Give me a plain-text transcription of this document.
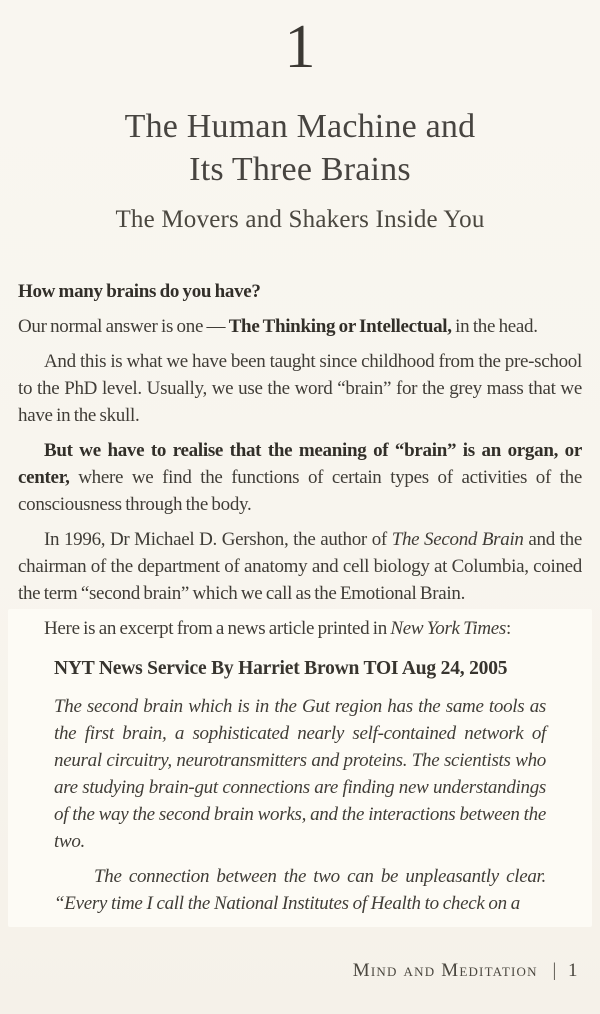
1
The Human Machine and
Its Three Brains
The Movers and Shakers Inside You

How many brains do you have?

Our normal answer is one — The Thinking or Intellectual, in the head.

And this is what we have been taught since childhood from the pre-school to the PhD level. Usually, we use the word “brain” for the grey mass that we have in the skull.

But we have to realise that the meaning of “brain” is an organ, or center, where we find the functions of certain types of activities of the consciousness through the body.

In 1996, Dr Michael D. Gershon, the author of The Second Brain and the chairman of the department of anatomy and cell biology at Columbia, coined the term “second brain” which we call as the Emotional Brain.

Here is an excerpt from a news article printed in New York Times:

NYT News Service By Harriet Brown TOI Aug 24, 2005

The second brain which is in the Gut region has the same tools as the first brain, a sophisticated nearly self-contained network of neural circuitry, neurotransmitters and proteins. The scientists who are studying brain-gut connections are finding new understandings of the way the second brain works, and the interactions between the two.

The connection between the two can be unpleasantly clear. “Every time I call the National Institutes of Health to check on a

Mind and Meditation | 1
